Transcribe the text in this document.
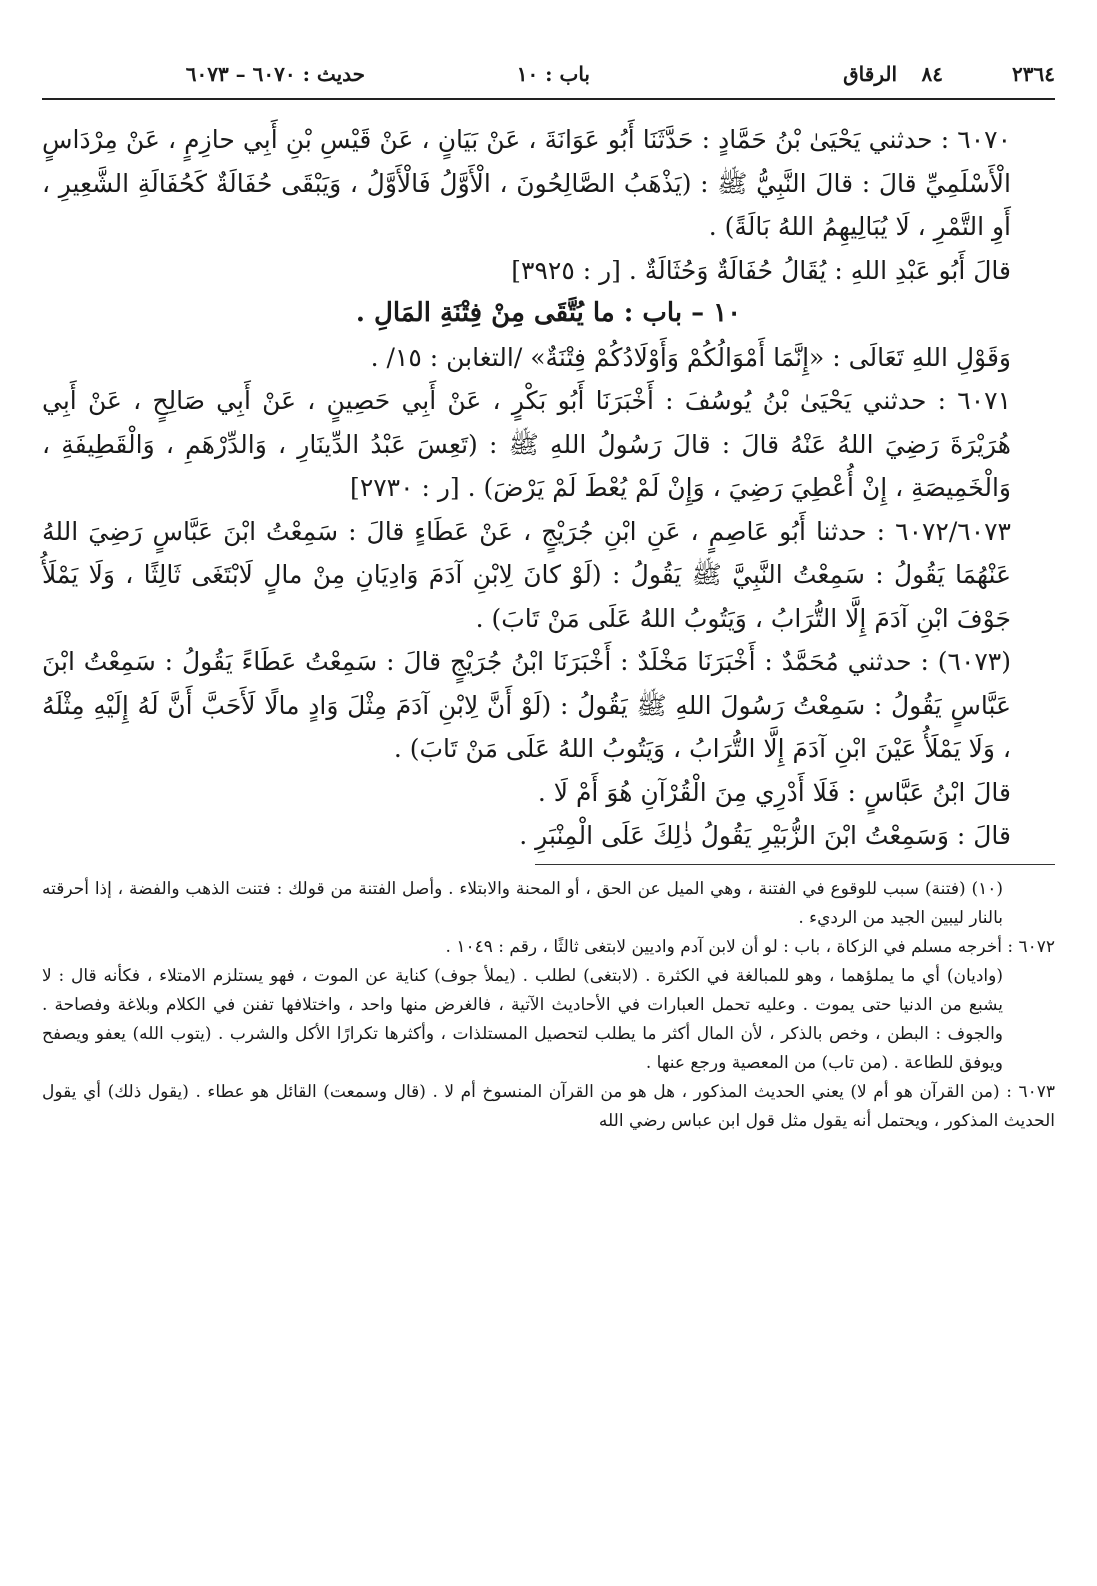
٢٣٦٤
٨٤
الرقاق
باب : ١٠
حديث : ٦٠٧٠ – ٦٠٧٣

٦٠٧٠ : حدثني يَحْيَىٰ بْنُ حَمَّادٍ : حَدَّثَنَا أَبُو عَوَانَةَ ، عَنْ بَيَانٍ ، عَنْ قَيْسِ بْنِ أَبِي حازِمٍ ، عَنْ مِرْدَاسٍ الْأَسْلَمِيِّ قالَ : قالَ النَّبِيُّ ﷺ : (يَذْهَبُ الصَّالِحُونَ ، الْأَوَّلُ فَالْأَوَّلُ ، وَيَبْقَى حُفَالَةٌ كَحُفَالَةِ الشَّعِيرِ ، أَوِ التَّمْرِ ، لَا يُبَالِيهِمُ اللهُ بَالَةً) .

قالَ أَبُو عَبْدِ اللهِ : يُقَالُ حُفَالَةٌ وَحُثَالَةٌ . [ر : ٣٩٢٥]

١٠ – باب : ما يُتَّقَى مِنْ فِتْنَةِ المَالِ .

وَقَوْلِ اللهِ تَعَالَى : «إِنَّمَا أَمْوَالُكُمْ وَأَوْلَادُكُمْ فِتْنَةٌ» /التغابن : ١٥/ .

٦٠٧١ : حدثني يَحْيَىٰ بْنُ يُوسُفَ : أَخْبَرَنَا أَبُو بَكْرٍ ، عَنْ أَبِي حَصِينٍ ، عَنْ أَبِي صَالِحٍ ، عَنْ أَبِي هُرَيْرَةَ رَضِيَ اللهُ عَنْهُ قالَ : قالَ رَسُولُ اللهِ ﷺ : (تَعِسَ عَبْدُ الدِّينَارِ ، وَالدِّرْهَمِ ، وَالْقَطِيفَةِ ، وَالْخَمِيصَةِ ، إِنْ أُعْطِيَ رَضِيَ ، وَإِنْ لَمْ يُعْطَ لَمْ يَرْضَ) . [ر : ٢٧٣٠]

٦٠٧٢/٦٠٧٣ : حدثنا أَبُو عَاصِمٍ ، عَنِ ابْنِ جُرَيْجٍ ، عَنْ عَطَاءٍ قالَ : سَمِعْتُ ابْنَ عَبَّاسٍ رَضِيَ اللهُ عَنْهُمَا يَقُولُ : سَمِعْتُ النَّبِيَّ ﷺ يَقُولُ : (لَوْ كانَ لِابْنِ آدَمَ وَادِيَانِ مِنْ مالٍ لَابْتَغَى ثَالِثًا ، وَلَا يَمْلَأُ جَوْفَ ابْنِ آدَمَ إِلَّا التُّرَابُ ، وَيَتُوبُ اللهُ عَلَى مَنْ تَابَ) .

(٦٠٧٣) : حدثني مُحَمَّدٌ : أَخْبَرَنَا مَخْلَدٌ : أَخْبَرَنَا ابْنُ جُرَيْجٍ قالَ : سَمِعْتُ عَطَاءً يَقُولُ : سَمِعْتُ ابْنَ عَبَّاسٍ يَقُولُ : سَمِعْتُ رَسُولَ اللهِ ﷺ يَقُولُ : (لَوْ أَنَّ لِابْنِ آدَمَ مِثْلَ وَادٍ مالًا لَأَحَبَّ أَنَّ لَهُ إِلَيْهِ مِثْلَهُ ، وَلَا يَمْلَأُ عَيْنَ ابْنِ آدَمَ إِلَّا التُّرَابُ ، وَيَتُوبُ اللهُ عَلَى مَنْ تَابَ) .

قالَ ابْنُ عَبَّاسٍ : فَلَا أَدْرِي مِنَ الْقُرْآنِ هُوَ أَمْ لَا .

قالَ : وَسَمِعْتُ ابْنَ الزُّبَيْرِ يَقُولُ ذٰلِكَ عَلَى الْمِنْبَرِ .

(١٠) (فتنة) سبب للوقوع في الفتنة ، وهي الميل عن الحق ، أو المحنة والابتلاء . وأصل الفتنة من قولك : فتنت الذهب والفضة ، إذا أحرقته بالنار ليبين الجيد من الرديء .

٦٠٧٢ : أخرجه مسلم في الزكاة ، باب : لو أن لابن آدم واديين لابتغى ثالثًا ، رقم : ١٠٤٩ .

(واديان) أي ما يملؤهما ، وهو للمبالغة في الكثرة . (لابتغى) لطلب . (يملأ جوف) كناية عن الموت ، فهو يستلزم الامتلاء ، فكأنه قال : لا يشبع من الدنيا حتى يموت . وعليه تحمل العبارات في الأحاديث الآتية ، فالغرض منها واحد ، واختلافها تفنن في الكلام وبلاغة وفصاحة . والجوف : البطن ، وخص بالذكر ، لأن المال أكثر ما يطلب لتحصيل المستلذات ، وأكثرها تكرارًا الأكل والشرب . (يتوب الله) يعفو ويصفح ويوفق للطاعة . (من تاب) من المعصية ورجع عنها .

٦٠٧٣ : (من القرآن هو أم لا) يعني الحديث المذكور ، هل هو من القرآن المنسوخ أم لا . (قال وسمعت) القائل هو عطاء . (يقول ذلك) أي يقول الحديث المذكور ، ويحتمل أنه يقول مثل قول ابن عباس رضي الله
